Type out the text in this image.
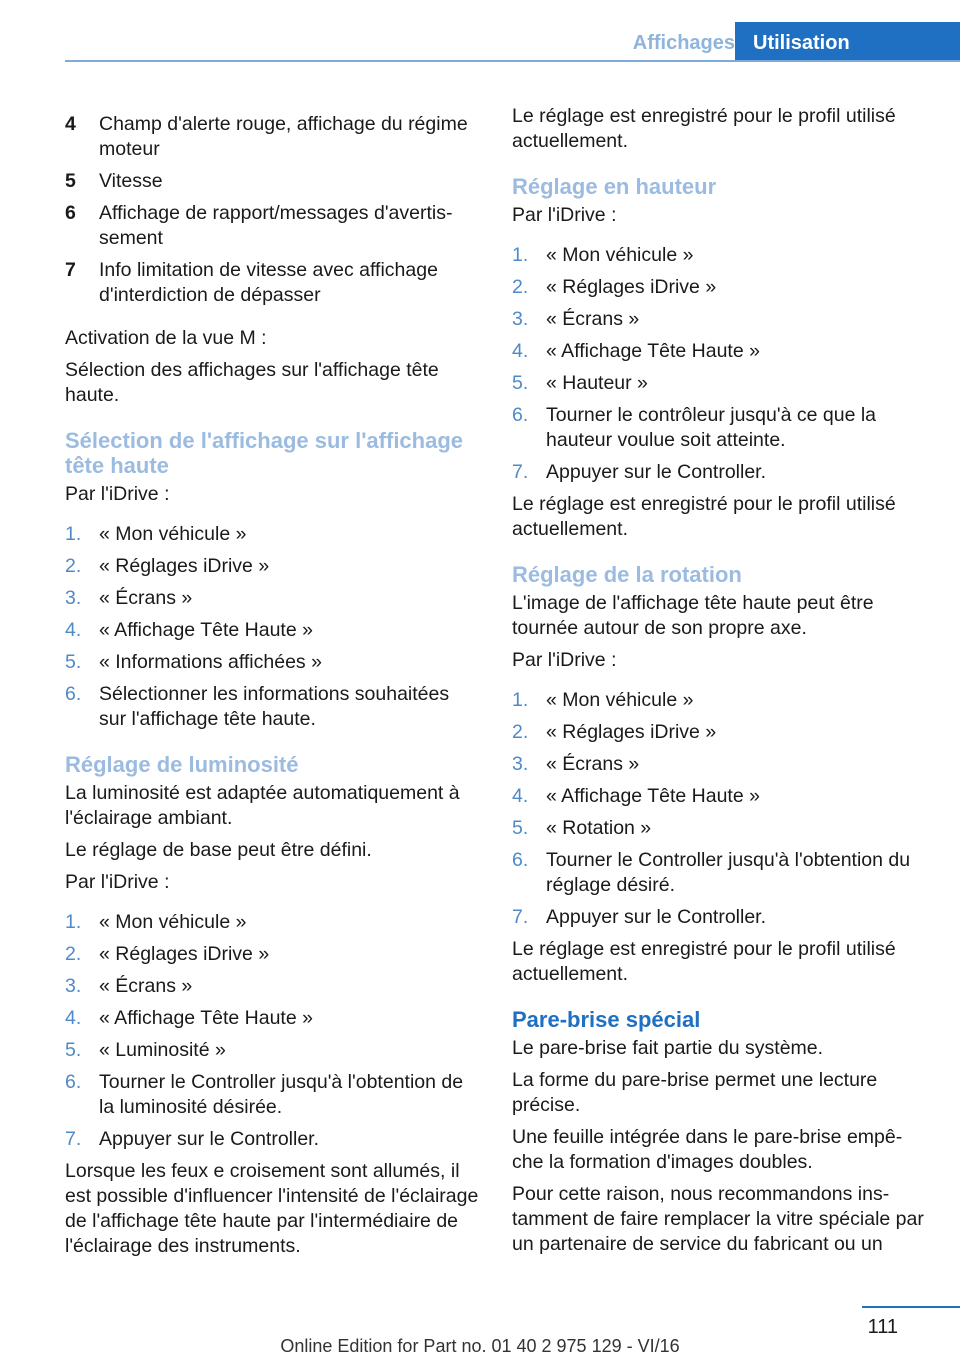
Affichages Utilisation
4	Champ d'alerte rouge, affichage du régime moteur
5	Vitesse
6	Affichage de rapport/messages d'avertissement
7	Info limitation de vitesse avec affichage d'interdiction de dépasser

Activation de la vue M :

Sélection des affichages sur l'affichage tête haute.

Sélection de l'affichage sur l'affichage tête haute

Par l'iDrive :

1. « Mon véhicule »
2. « Réglages iDrive »
3. « Écrans »
4. « Affichage Tête Haute »
5. « Informations affichées »
6. Sélectionner les informations souhaitées sur l'affichage tête haute.
Réglage de luminosité

La luminosité est adaptée automatiquement à l'éclairage ambiant.

Le réglage de base peut être défini.

Par l'iDrive :

1. « Mon véhicule »
2. « Réglages iDrive »
3. « Écrans »
4. « Affichage Tête Haute »
5. « Luminosité »
6. Tourner le Controller jusqu'à l'obtention de la luminosité désirée.
7. Appuyer sur le Controller.

Lorsque les feux e croisement sont allumés, il est possible d'influencer l'intensité de l'éclairage de l'affichage tête haute par l'intermédiaire de l'éclairage des instruments.

Le réglage est enregistré pour le profil utilisé actuellement.

Réglage en hauteur

Par l'iDrive :

1. « Mon véhicule »
2. « Réglages iDrive »
3. « Écrans »
4. « Affichage Tête Haute »
5. « Hauteur »
6. Tourner le contrôleur jusqu'à ce que la hauteur voulue soit atteinte.
7. Appuyer sur le Controller.

Le réglage est enregistré pour le profil utilisé actuellement.

Réglage de la rotation

L'image de l'affichage tête haute peut être tournée autour de son propre axe.

Par l'iDrive :

1. « Mon véhicule »
2. « Réglages iDrive »
3. « Écrans »
4. « Affichage Tête Haute »
5. « Rotation »
6. Tourner le Controller jusqu'à l'obtention du réglage désiré.
7. Appuyer sur le Controller.

Le réglage est enregistré pour le profil utilisé actuellement.

Pare-brise spécial

Le pare-brise fait partie du système.

La forme du pare-brise permet une lecture précise.

Une feuille intégrée dans le pare-brise empêche la formation d'images doubles.

Pour cette raison, nous recommandons instamment de faire remplacer la vitre spéciale par un partenaire de service du fabricant ou un

111
Online Edition for Part no. 01 40 2 975 129 - VI/16
